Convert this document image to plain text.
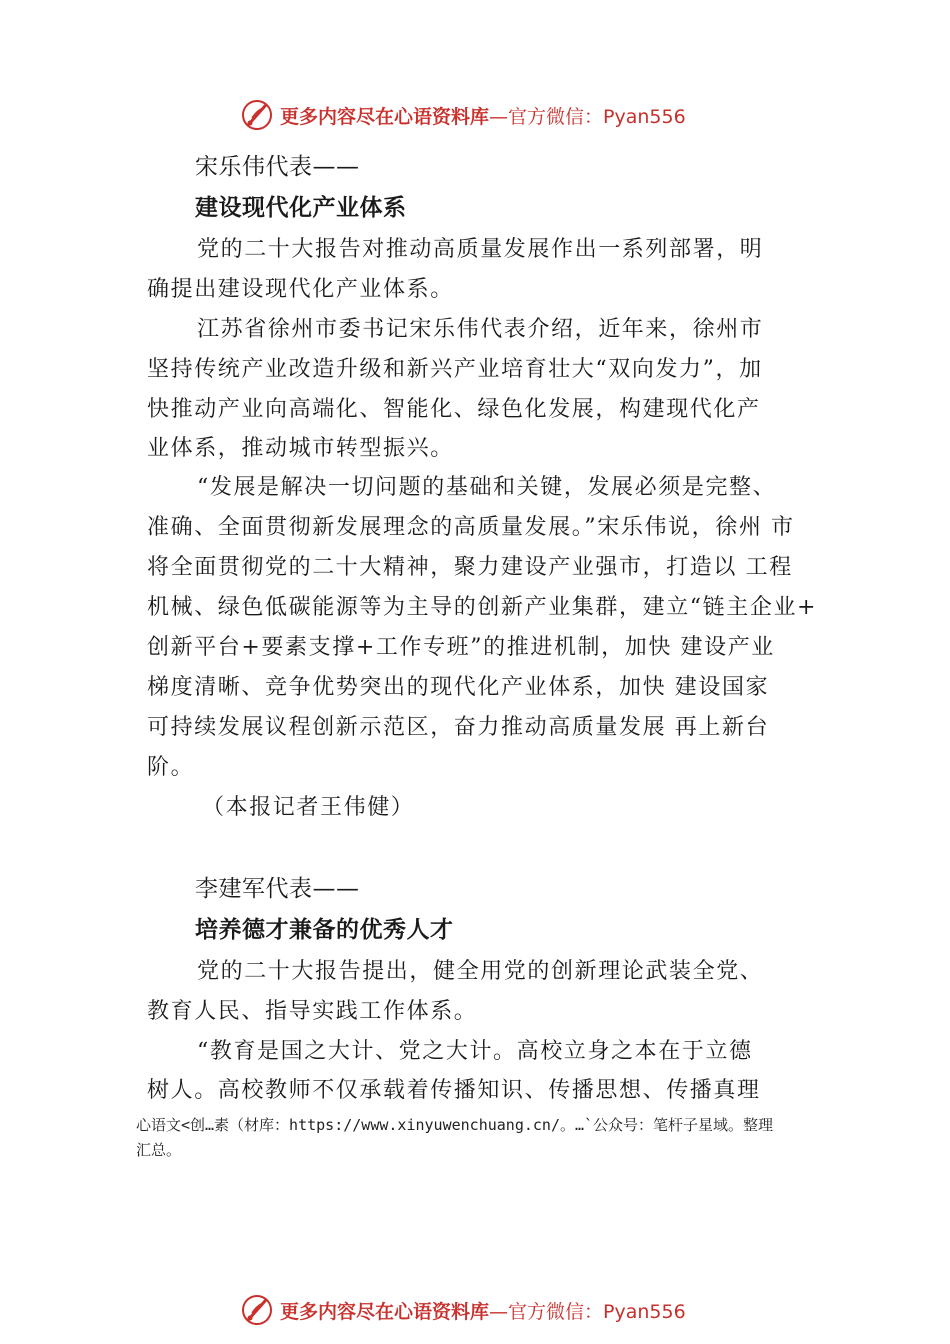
更多内容尽在心语资料库 —官方微信：Pyan556
宋乐伟代表——
建设现代化产业体系
党的二十大报告对推动高质量发展作出一系列部署，明
确提出建设现代化产业体系。
江苏省徐州市委书记宋乐伟代表介绍，近年来，徐州市
坚持传统产业改造升级和新兴产业培育壮大“双向发力”，加
快推动产业向高端化、智能化、绿色化发展，构建现代化产
业体系，推动城市转型振兴。
“发展是解决一切问题的基础和关键，发展必须是完整、
准确、全面贯彻新发展理念的高质量发展。”宋乐伟说，徐州 市
将全面贯彻党的二十大精神，聚力建设产业强市，打造以 工程
机械、绿色低碳能源等为主导的创新产业集群，建立“链主企业+
创新平台+要素支撑+工作专班”的推进机制，加快 建设产业
梯度清晰、竞争优势突出的现代化产业体系，加快 建设国家
可持续发展议程创新示范区，奋力推动高质量发展 再上新台
阶。
（本报记者王伟健）
李建军代表——
培养德才兼备的优秀人才
党的二十大报告提出，健全用党的创新理论武装全党、
教育人民、指导实践工作体系。
“教育是国之大计、党之大计。高校立身之本在于立德
树人。高校教师不仅承载着传播知识、传播思想、传播真理
心语文<创…素（材库：https://www.xinyuwenchuang.cn/。…`公众号：笔杆子星域。整理
汇总。
更多内容尽在心语资料库 —官方微信：Pyan556
